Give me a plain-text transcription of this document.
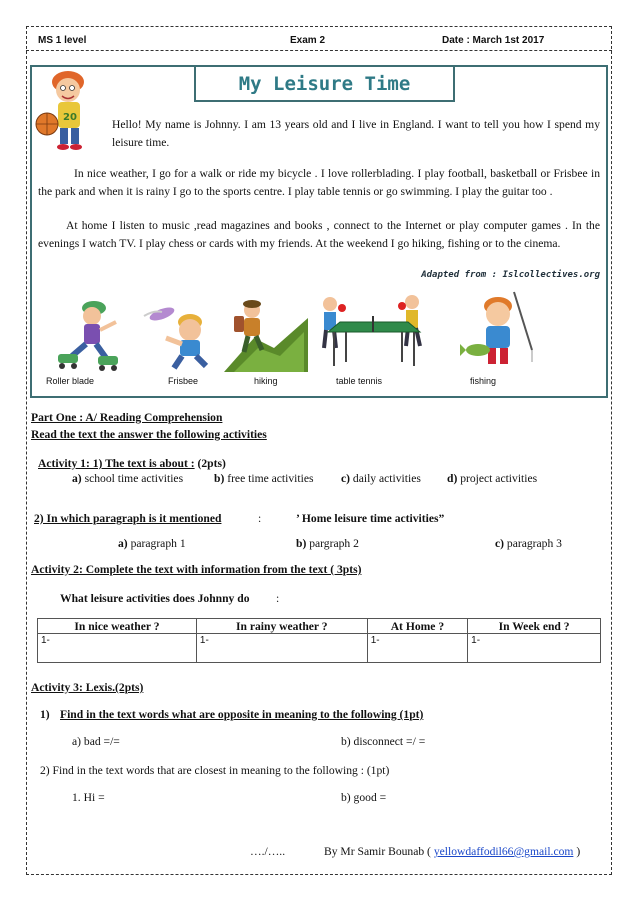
MS 1 level	Exam 2	Date : March 1st 2017
My Leisure Time
20
Hello! My name is Johnny. I am 13 years old and I live in England. I want to tell you how I spend my leisure time.
In nice weather, I go for a walk or ride my bicycle . I love rollerblading. I play football, basketball or Frisbee in the park and when it is rainy I go to the sports centre. I play table tennis or go swimming. I play the guitar too .
At home I listen to music ,read magazines and books , connect to the Internet or play computer games . In the evenings I watch TV. I play chess or cards with my friends. At the weekend I go hiking, fishing or to the cinema.
Adapted from : Islcollectives.org
Roller blade	Frisbee	hiking	table tennis	fishing
Part One : A/ Reading Comprehension
Read the text the answer the following activities
Activity 1: 1) The text is about : (2pts)
a) school time activities	b) free time activities c) daily activities d) project activities
2) In which paragraph is it mentioned	:	’ Home leisure time activities”
a) paragraph 1	b) pargraph 2	c) paragraph 3
Activity 2: Complete the text with information from the text ( 3pts)
What leisure activities does Johnny do :
In nice weather ?	In rainy weather ?	At Home ?	In Week end ?
1-	1-	1-	1-
Activity 3: Lexis.(2pts)
1) Find in the text words what are opposite in meaning to the following (1pt)
a) bad =/=	b) disconnect =/ =
2) Find in the text words that are closest in meaning to the following : (1pt)
1. Hi =	b) good =
…./…..	By Mr Samir Bounab ( yellowdaffodil66@gmail.com )
